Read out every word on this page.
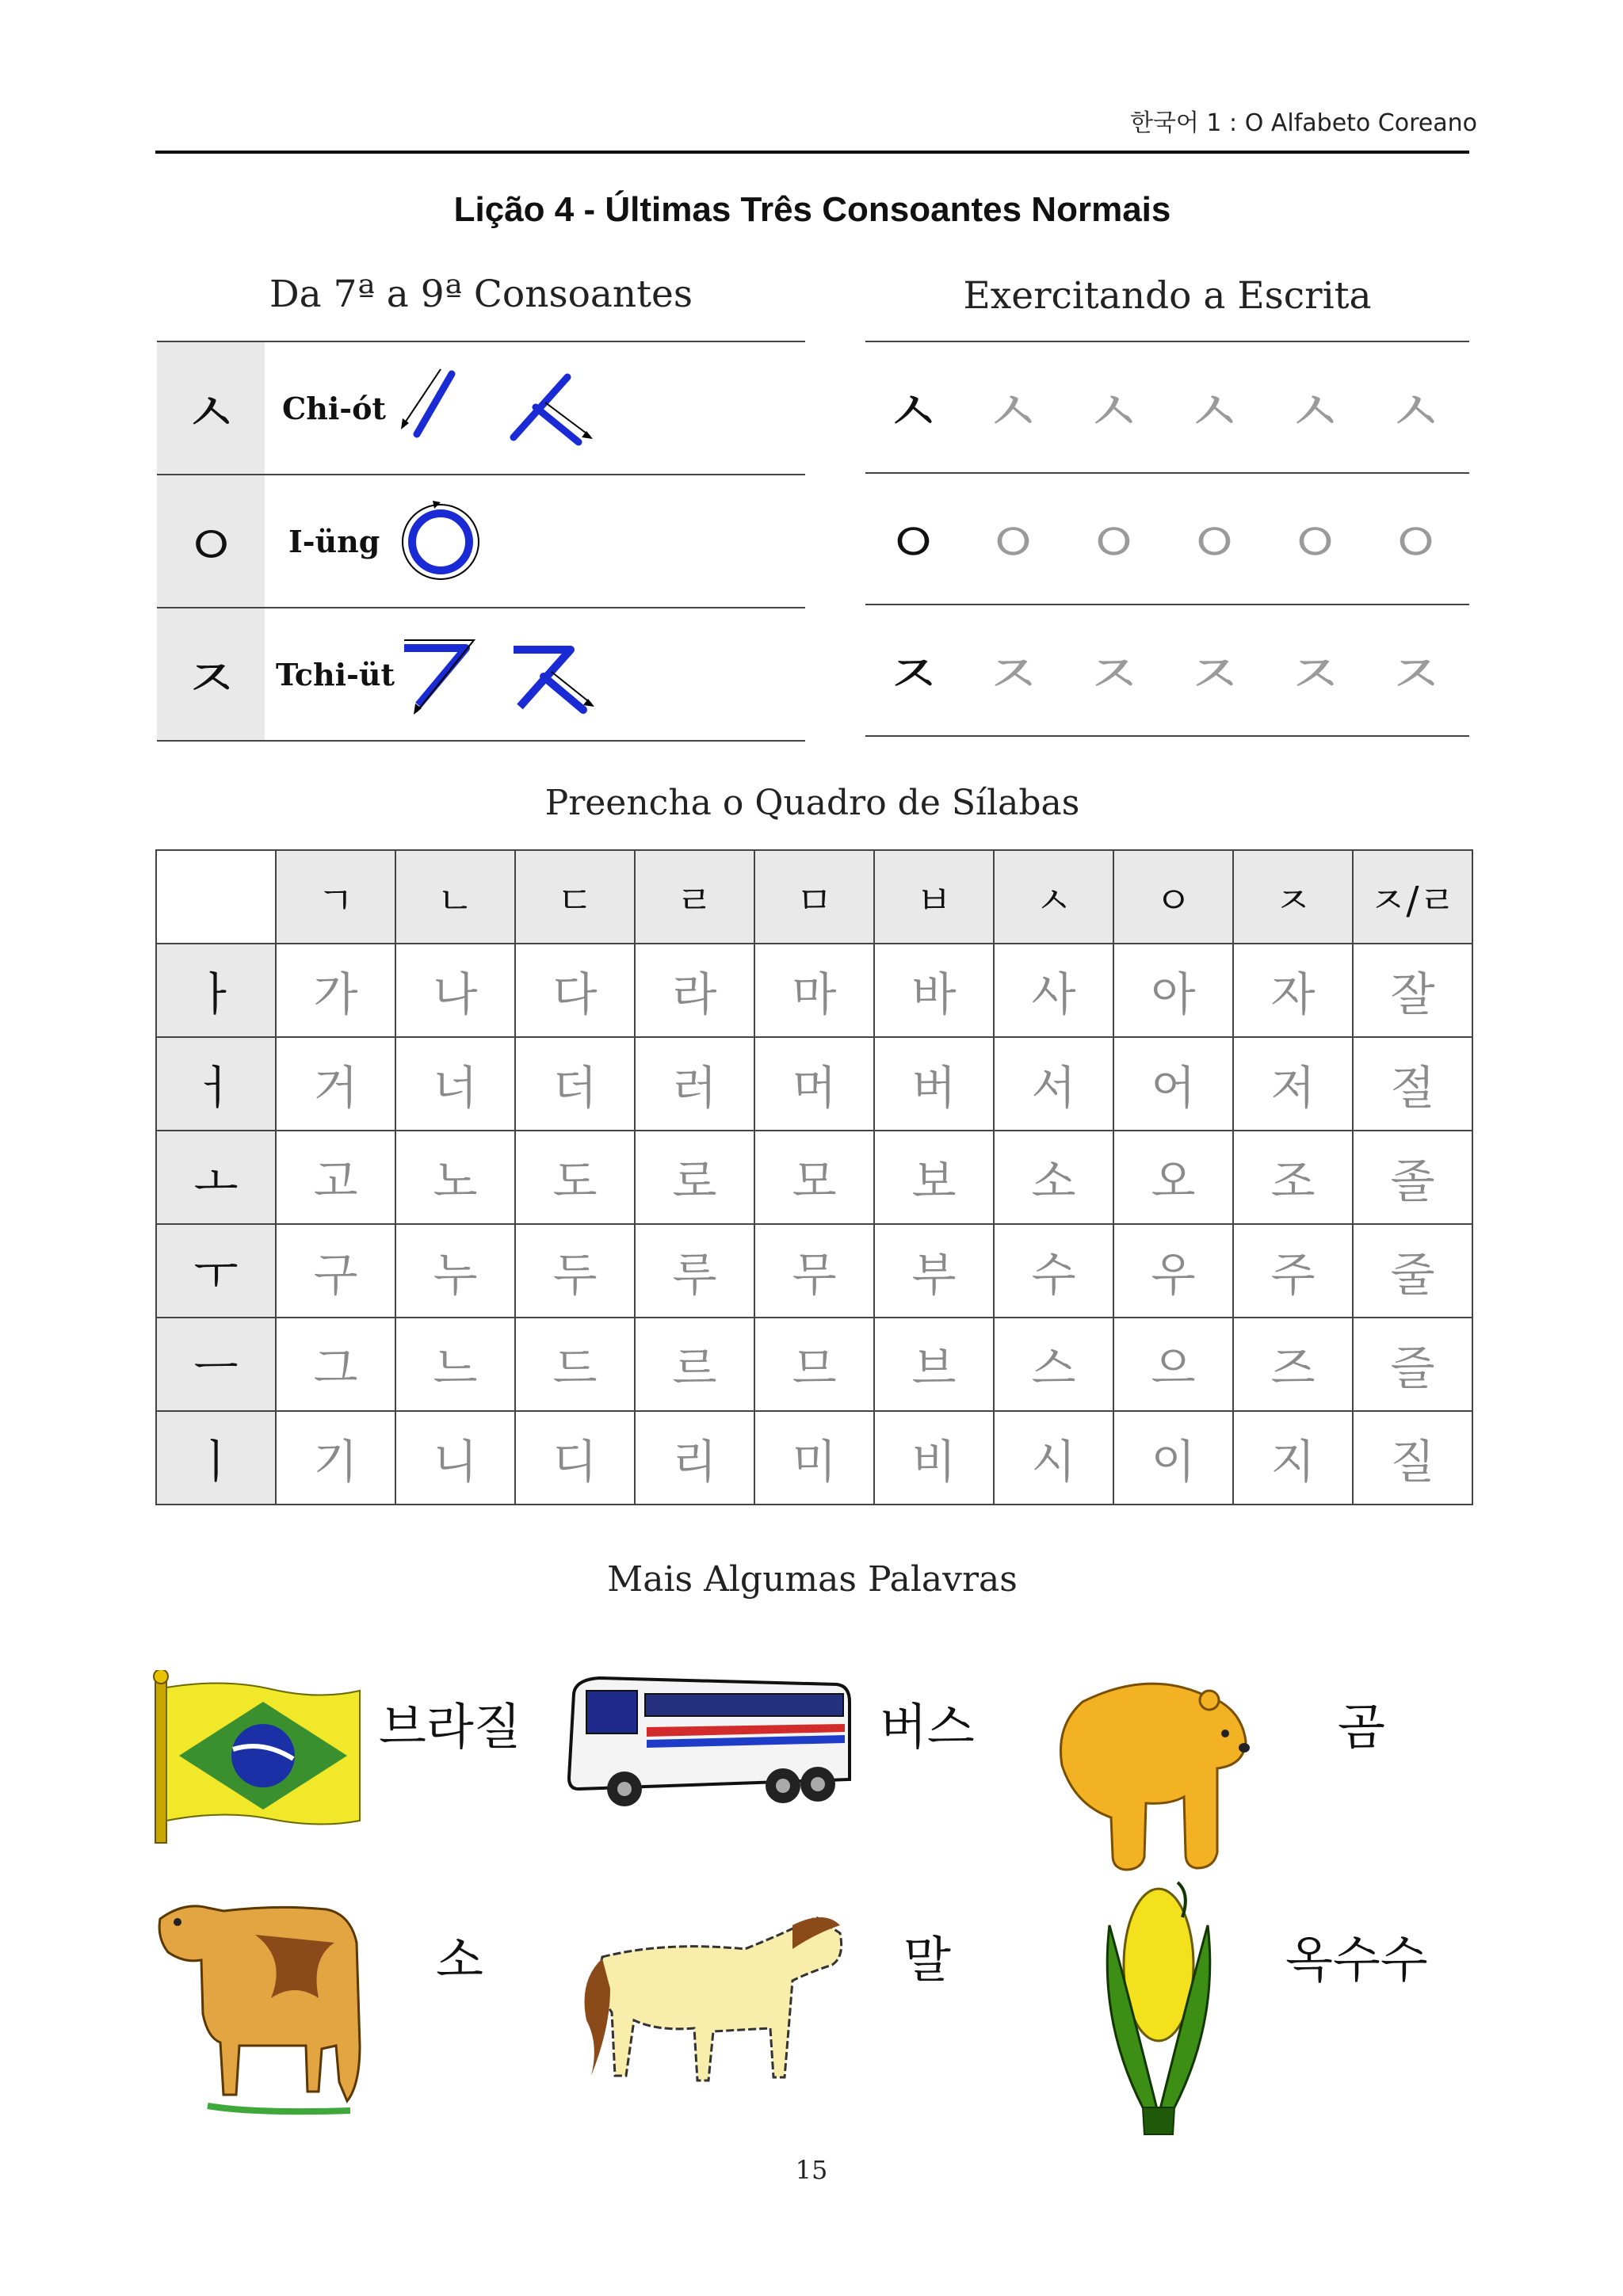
한국어 1 : O Alfabeto Coreano
Lição 4 - Últimas Três Consoantes Normais
Da 7ª a 9ª Consoantes	Exercitando a Escrita
ㅅ	Chi-ót
ㅇ	I-üng
ㅈ	Tchi-üt
ㅅ ㅅ ㅅ ㅅ ㅅ ㅅ
ㅇ ㅇ ㅇ ㅇ ㅇ ㅇ
ㅈ ㅈ ㅈ ㅈ ㅈ ㅈ
Preencha o Quadro de Sílabas
	ㄱ	ㄴ	ㄷ	ㄹ	ㅁ	ㅂ	ㅅ	ㅇ	ㅈ	ㅈ/ㄹ
ㅏ	가	나	다	라	마	바	사	아	자	잘
ㅓ	거	너	더	러	머	버	서	어	저	절
ㅗ	고	노	도	로	모	보	소	오	조	졸
ㅜ	구	누	두	루	무	부	수	우	주	줄
ㅡ	그	느	드	르	므	브	스	으	즈	즐
ㅣ	기	니	디	리	미	비	시	이	지	질
Mais Algumas Palavras
브라질	버스	곰
소	말	옥수수
15
